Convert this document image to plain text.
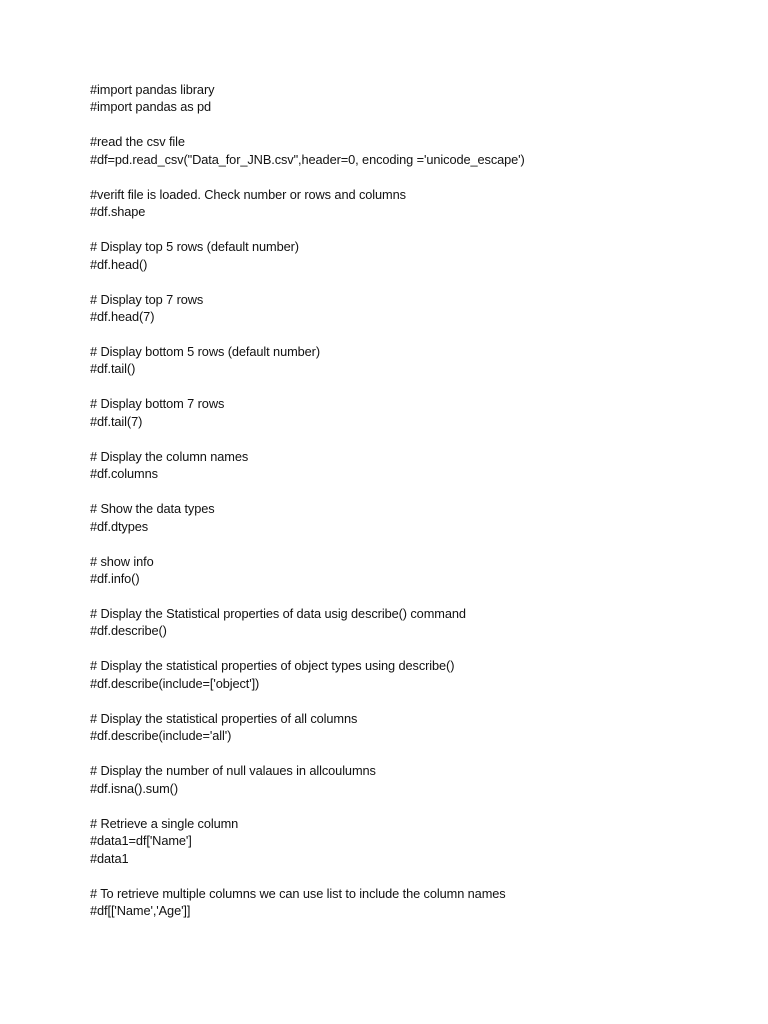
#import pandas library
#import pandas as pd
#read the csv file
#df=pd.read_csv("Data_for_JNB.csv",header=0, encoding ='unicode_escape')
#verift file is loaded. Check number or rows and columns
#df.shape
# Display top 5 rows (default number)
#df.head()
# Display top 7 rows
#df.head(7)
# Display bottom 5 rows (default number)
#df.tail()
# Display bottom 7 rows
#df.tail(7)
# Display the column names
#df.columns
# Show the data types
#df.dtypes
# show info
#df.info()
# Display the Statistical properties of data usig describe() command
#df.describe()
# Display the statistical properties of object types using describe()
#df.describe(include=['object'])
# Display the statistical properties of all columns
#df.describe(include='all')
# Display the number of null valaues in allcoulumns
#df.isna().sum()
# Retrieve a single column
#data1=df['Name']
#data1
# To retrieve multiple columns we can use list to include the column names
#df[['Name','Age']]
